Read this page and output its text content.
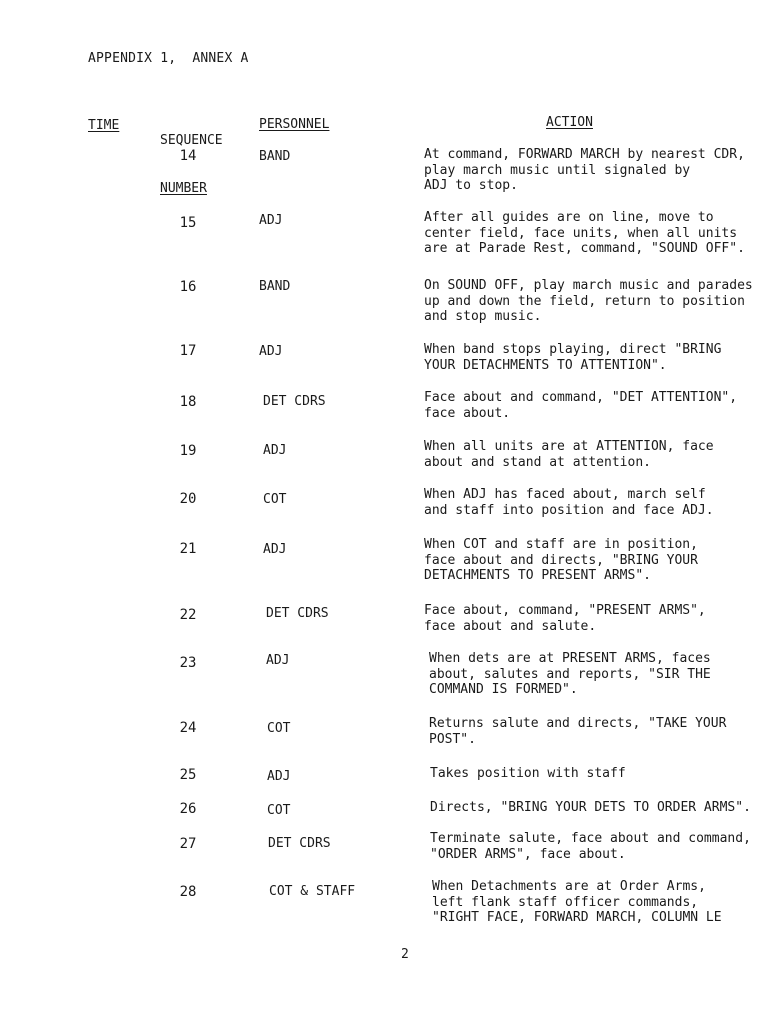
APPENDIX 1,  ANNEX A
TIME

SEQUENCE

NUMBER

PERSONNEL	ACTION
14	BAND	At command, FORWARD MARCH by nearest CDR,
play march music until signaled by
ADJ to stop.
15	ADJ	After all guides are on line, move to
center field, face units, when all units
are at Parade Rest, command, "SOUND OFF".
16	BAND	On SOUND OFF, play march music and parades
up and down the field, return to position
and stop music.
17	ADJ	When band stops playing, direct "BRING
YOUR DETACHMENTS TO ATTENTION".
18	DET CDRS	Face about and command, "DET ATTENTION",
face about.
19	ADJ	When all units are at ATTENTION, face
about and stand at attention.
20	COT	When ADJ has faced about, march self
and staff into position and face ADJ.
21	ADJ	When COT and staff are in position,
face about and directs, "BRING YOUR
DETACHMENTS TO PRESENT ARMS".
22	DET CDRS	Face about, command, "PRESENT ARMS",
face about and salute.
23	ADJ	When dets are at PRESENT ARMS, faces
about, salutes and reports, "SIR THE
COMMAND IS FORMED".
24	COT	Returns salute and directs, "TAKE YOUR
POST".
25	ADJ	Takes position with staff
26	COT	Directs, "BRING YOUR DETS TO ORDER ARMS".
27	DET CDRS	Terminate salute, face about and command,
"ORDER ARMS", face about.
28	COT & STAFF	When Detachments are at Order Arms,
left flank staff officer commands,
"RIGHT FACE, FORWARD MARCH, COLUMN LE
2
